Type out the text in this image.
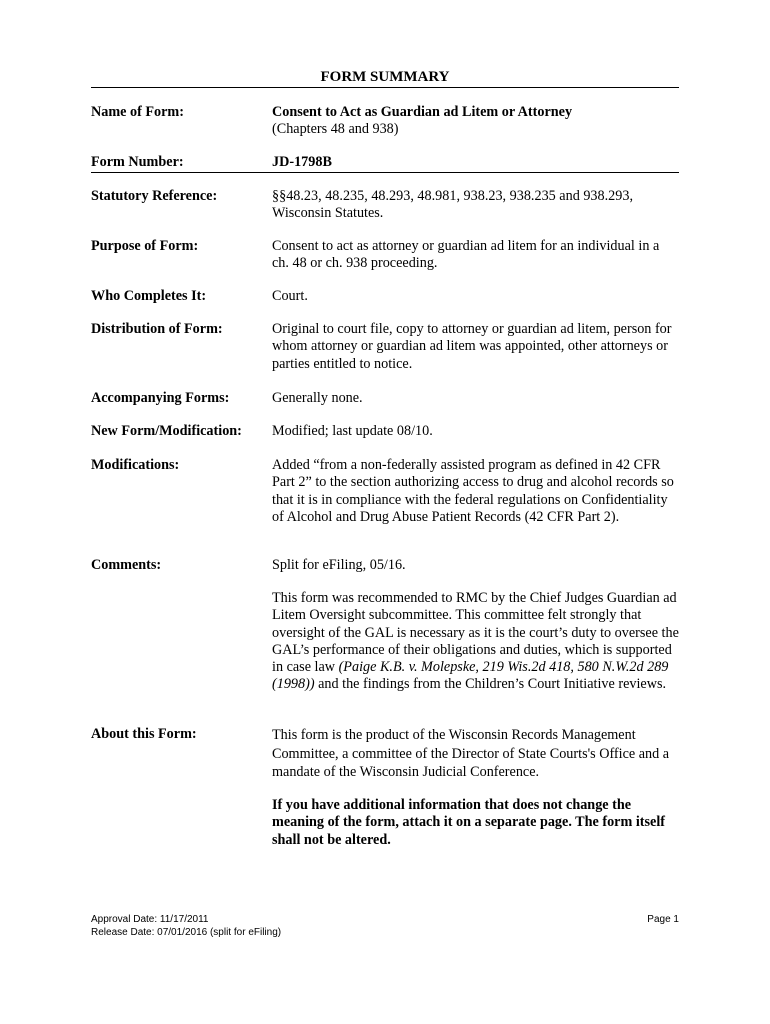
FORM SUMMARY
Name of Form:	Consent to Act as Guardian ad Litem or Attorney
(Chapters 48 and 938)
Form Number:	JD-1798B
Statutory Reference:	§§48.23, 48.235, 48.293, 48.981, 938.23, 938.235 and 938.293, Wisconsin Statutes.
Purpose of Form:	Consent to act as attorney or guardian ad litem for an individual in a ch. 48 or ch. 938 proceeding.
Who Completes It:	Court.
Distribution of Form:	Original to court file, copy to attorney or guardian ad litem, person for whom attorney or guardian ad litem was appointed, other attorneys or parties entitled to notice.
Accompanying Forms:	Generally none.
New Form/Modification:	Modified; last update 08/10.
Modifications:	Added “from a non-federally assisted program as defined in 42 CFR Part 2” to the section authorizing access to drug and alcohol records so that it is in compliance with the federal regulations on Confidentiality of Alcohol and Drug Abuse Patient Records (42 CFR Part 2).
Comments:	Split for eFiling, 05/16.
This form was recommended to RMC by the Chief Judges Guardian ad Litem Oversight subcommittee. This committee felt strongly that oversight of the GAL is necessary as it is the court’s duty to oversee the GAL’s performance of their obligations and duties, which is supported in case law (Paige K.B. v. Molepske, 219 Wis.2d 418, 580 N.W.2d 289 (1998)) and the findings from the Children’s Court Initiative reviews.
About this Form:	This form is the product of the Wisconsin Records Management Committee, a committee of the Director of State Courts's Office and a mandate of the Wisconsin Judicial Conference.
If you have additional information that does not change the meaning of the form, attach it on a separate page. The form itself shall not be altered.
Approval Date: 11/17/2011
Release Date: 07/01/2016 (split for eFiling)
Page 1
